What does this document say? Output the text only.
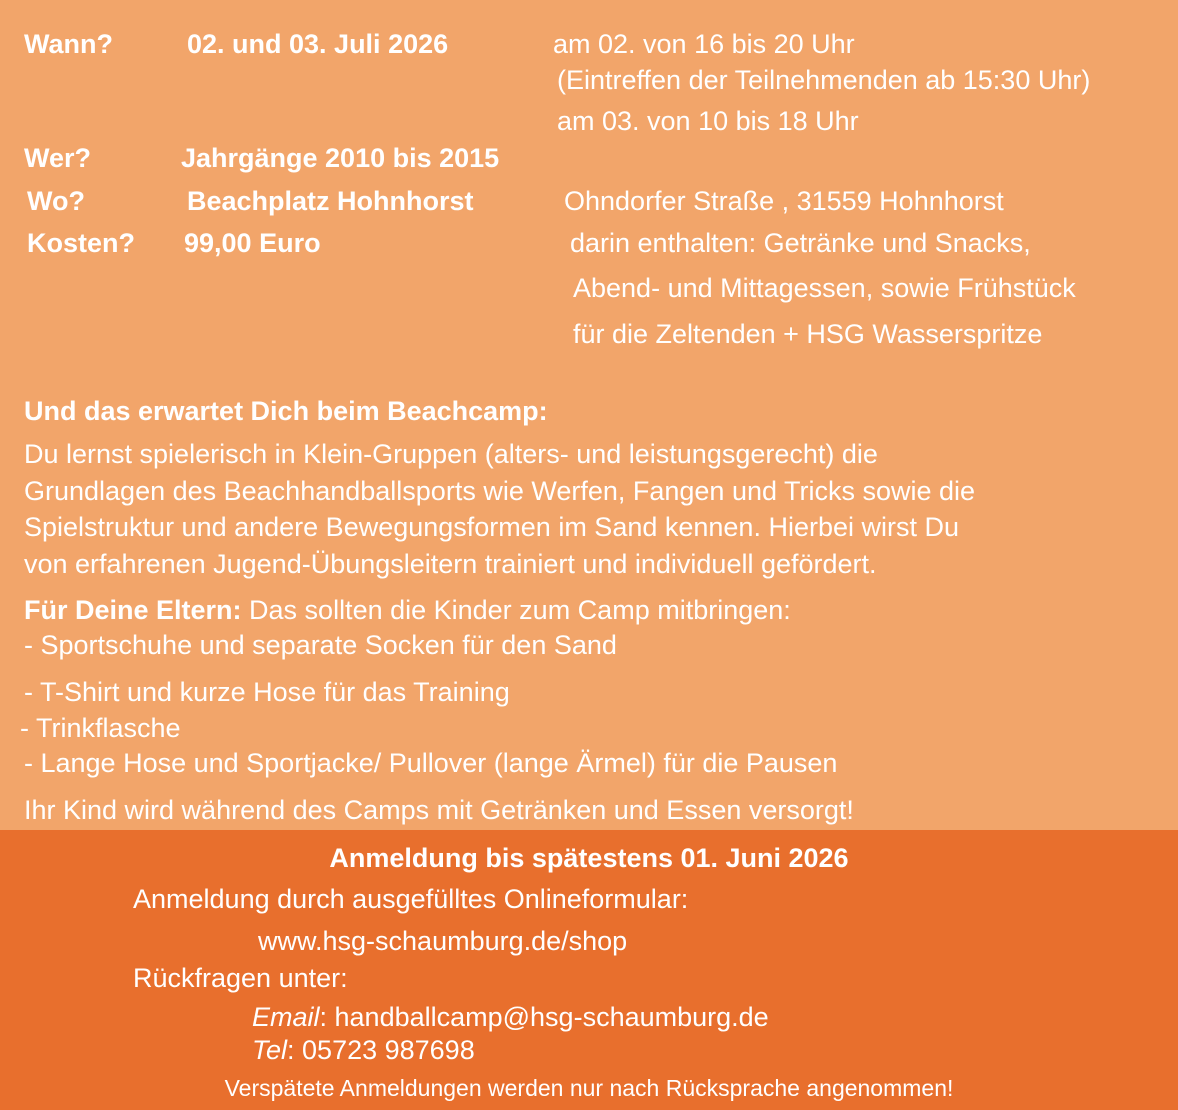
Wann?	02. und 03. Juli 2026	am 02. von 16 bis 20 Uhr
(Eintreffen der Teilnehmenden ab 15:30 Uhr)
am 03. von 10 bis 18 Uhr
Wer?	Jahrgänge 2010 bis 2015
Wo?	Beachplatz Hohnhorst	Ohndorfer Straße , 31559 Hohnhorst
Kosten? 99,00 Euro	darin enthalten: Getränke und Snacks,
Abend- und Mittagessen, sowie Frühstück
für die Zeltenden + HSG Wasserspritze
Und das erwartet Dich beim Beachcamp:
Du lernst spielerisch in Klein-Gruppen (alters- und leistungsgerecht) die
Grundlagen des Beachhandballsports wie Werfen, Fangen und Tricks sowie die
Spielstruktur und andere Bewegungsformen im Sand kennen. Hierbei wirst Du
von erfahrenen Jugend-Übungsleitern trainiert und individuell gefördert.
Für Deine Eltern: Das sollten die Kinder zum Camp mitbringen:
- Sportschuhe und separate Socken für den Sand
- T-Shirt und kurze Hose für das Training
- Trinkflasche
- Lange Hose und Sportjacke/ Pullover (lange Ärmel) für die Pausen
Ihr Kind wird während des Camps mit Getränken und Essen versorgt!
Anmeldung bis spätestens 01. Juni 2026
Anmeldung durch ausgefülltes Onlineformular:
www.hsg-schaumburg.de/shop
Rückfragen unter:
Email: handballcamp@hsg-schaumburg.de
Tel: 05723 987698
Verspätete Anmeldungen werden nur nach Rücksprache angenommen!
